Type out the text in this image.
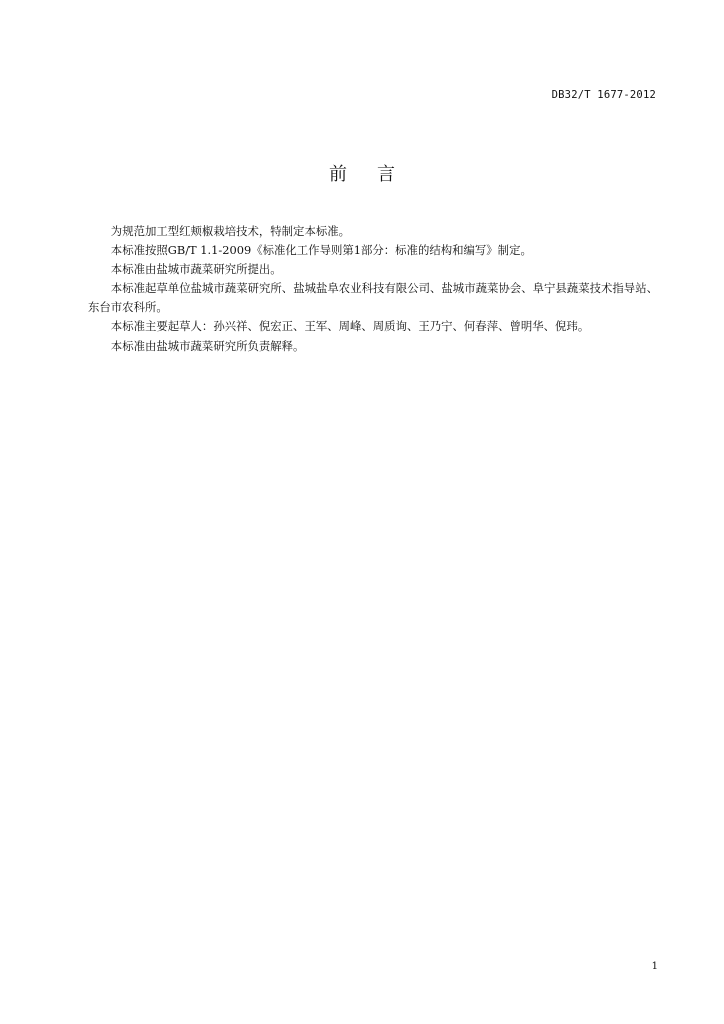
DB32/T 1677-2012
前言

为规范加工型红颊椒栽培技术，特制定本标准。

本标准按照GB/T 1.1-2009《标准化工作导则第1部分：标准的结构和编写》制定。

本标准由盐城市蔬菜研究所提出。

本标准起草单位盐城市蔬菜研究所、盐城盐阜农业科技有限公司、盐城市蔬菜协会、阜宁县蔬菜技术指导站、东台市农科所。

本标准主要起草人：孙兴祥、倪宏正、王军、周峰、周质询、王乃宁、何春萍、曾明华、倪玮。

本标准由盐城市蔬菜研究所负责解释。

1
